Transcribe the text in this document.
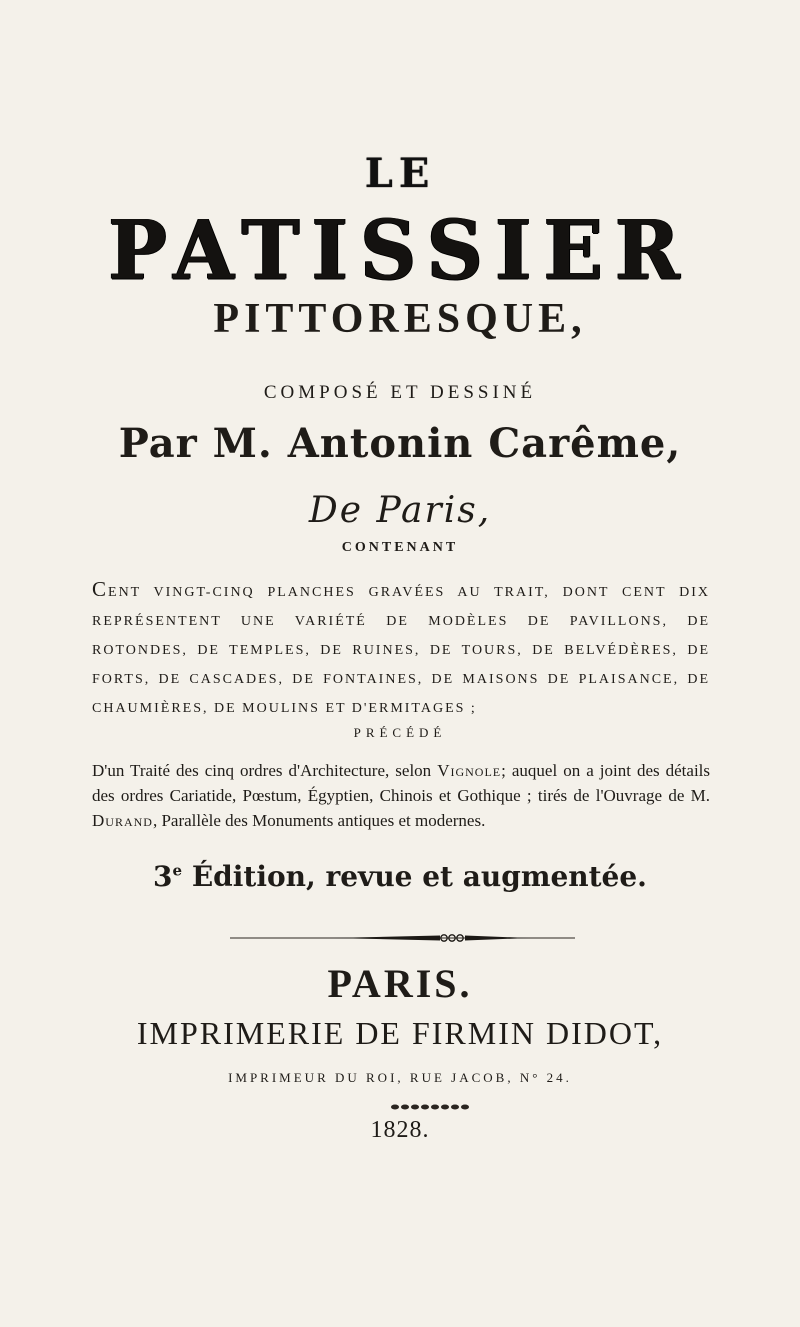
LE
PATISSIER
PITTORESQUE,
COMPOSÉ ET DESSINÉ
Par M. Antonin Carême,
De Paris,
CONTENANT
CENT VINGT-CINQ PLANCHES GRAVÉES AU TRAIT, DONT CENT DIX REPRÉSENTENT UNE VARIÉTÉ DE MODÈLES DE PAVILLONS, DE ROTONDES, DE TEMPLES, DE RUINES, DE TOURS, DE BELVÉDÈRES, DE FORTS, DE CASCADES, DE FONTAINES, DE MAISONS DE PLAISANCE, DE CHAUMIÈRES, DE MOULINS ET D'ERMITAGES ;
PRÉCÉDÉ
D'un Traité des cinq ordres d'Architecture, selon Vignole; auquel on a joint des détails des ordres Cariatide, Pœstum, Égyptien, Chinois et Gothique ; tirés de l'Ouvrage de M. Durand, Parallèle des Monuments antiques et modernes.
3e Édition, revue et augmentée.
PARIS.
IMPRIMERIE DE FIRMIN DIDOT,
IMPRIMEUR DU ROI, RUE JACOB, N° 24.
1828.
